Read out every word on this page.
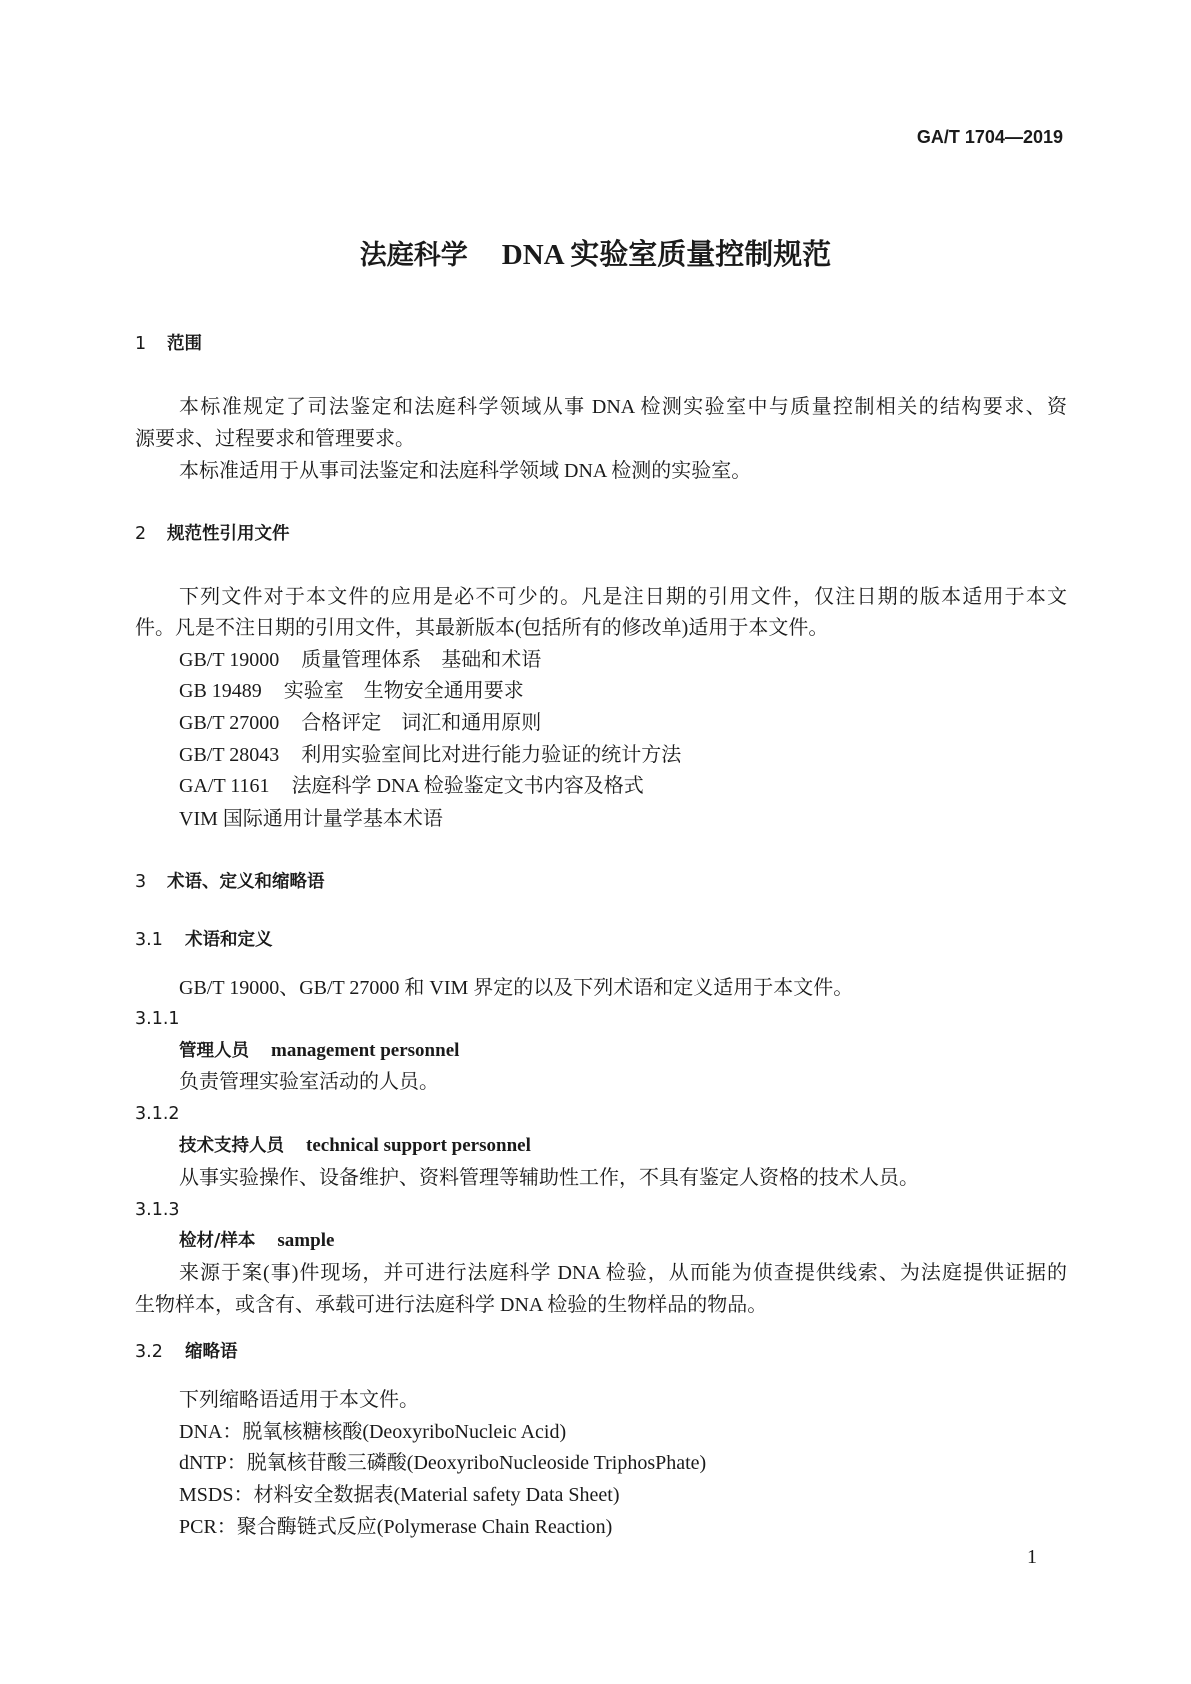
GA/T 1704—2019
法庭科学 DNA 实验室质量控制规范
1 范围
本标准规定了司法鉴定和法庭科学领域从事 DNA 检测实验室中与质量控制相关的结构要求、资
源要求、过程要求和管理要求。
本标准适用于从事司法鉴定和法庭科学领域 DNA 检测的实验室。
2 规范性引用文件
下列文件对于本文件的应用是必不可少的。凡是注日期的引用文件，仅注日期的版本适用于本文
件。凡是不注日期的引用文件，其最新版本(包括所有的修改单)适用于本文件。
GB/T 19000 质量管理体系　基础和术语
GB 19489 实验室　生物安全通用要求
GB/T 27000 合格评定　词汇和通用原则
GB/T 28043 利用实验室间比对进行能力验证的统计方法
GA/T 1161 法庭科学 DNA 检验鉴定文书内容及格式
VIM 国际通用计量学基本术语
3 术语、定义和缩略语
3.1 术语和定义
GB/T 19000、GB/T 27000 和 VIM 界定的以及下列术语和定义适用于本文件。
3.1.1
管理人员 management personnel
负责管理实验室活动的人员。
3.1.2
技术支持人员 technical support personnel
从事实验操作、设备维护、资料管理等辅助性工作，不具有鉴定人资格的技术人员。
3.1.3
检材/样本 sample
来源于案(事)件现场，并可进行法庭科学 DNA 检验，从而能为侦查提供线索、为法庭提供证据的
生物样本，或含有、承载可进行法庭科学 DNA 检验的生物样品的物品。
3.2 缩略语
下列缩略语适用于本文件。
DNA：脱氧核糖核酸(DeoxyriboNucleic Acid)
dNTP：脱氧核苷酸三磷酸(DeoxyriboNucleoside TriphosPhate)
MSDS：材料安全数据表(Material safety Data Sheet)
PCR：聚合酶链式反应(Polymerase Chain Reaction)
1
